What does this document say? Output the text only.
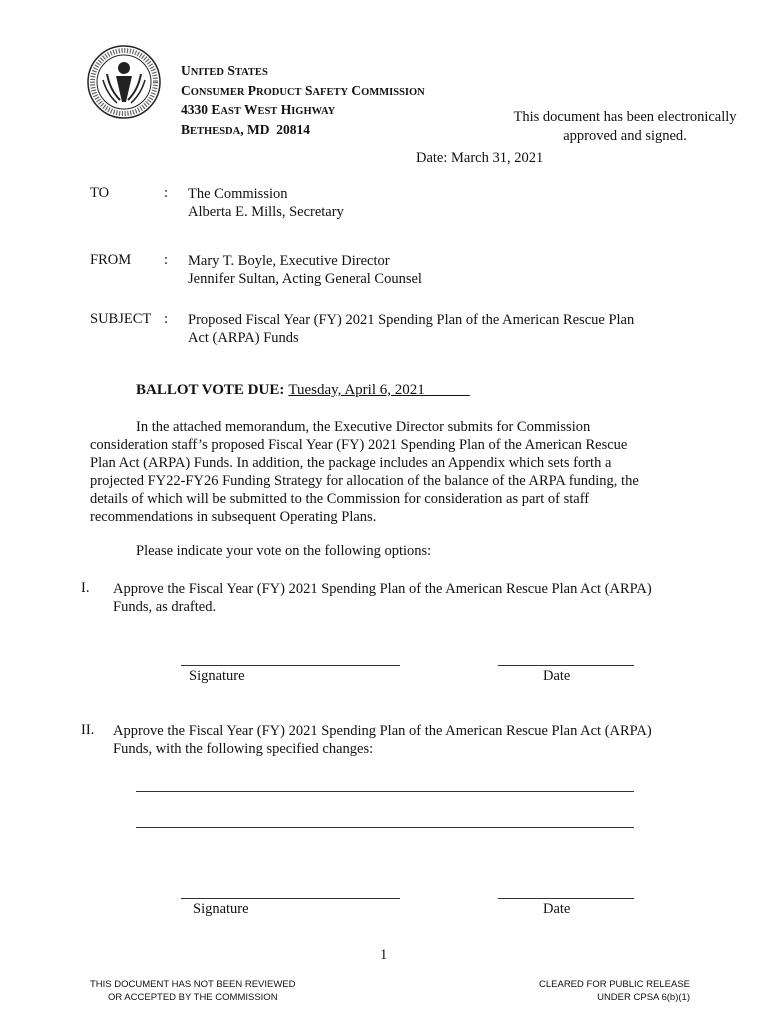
UNITED STATES
CONSUMER PRODUCT SAFETY COMMISSION
4330 EAST WEST HIGHWAY
BETHESDA, MD  20814
This document has been electronically
approved and signed.
Date: March 31, 2021
TO	: The Commission
Alberta E. Mills, Secretary
FROM : Mary T. Boyle, Executive Director
Jennifer Sultan, Acting General Counsel
SUBJECT : Proposed Fiscal Year (FY) 2021 Spending Plan of the American Rescue Plan
Act (ARPA) Funds
BALLOT VOTE DUE: Tuesday, April 6, 2021
In the attached memorandum, the Executive Director submits for Commission
consideration staff’s proposed Fiscal Year (FY) 2021 Spending Plan of the American Rescue
Plan Act (ARPA) Funds. In addition, the package includes an Appendix which sets forth a
projected FY22-FY26 Funding Strategy for allocation of the balance of the ARPA funding, the
details of which will be submitted to the Commission for consideration as part of staff
recommendations in subsequent Operating Plans.
Please indicate your vote on the following options:
I. Approve the Fiscal Year (FY) 2021 Spending Plan of the American Rescue Plan Act (ARPA)
Funds, as drafted.
Signature	Date
II. Approve the Fiscal Year (FY) 2021 Spending Plan of the American Rescue Plan Act (ARPA)
Funds, with the following specified changes:
Signature	Date
1
THIS DOCUMENT HAS NOT BEEN REVIEWED
OR ACCEPTED BY THE COMMISSION
CLEARED FOR PUBLIC RELEASE
UNDER CPSA 6(b)(1)
